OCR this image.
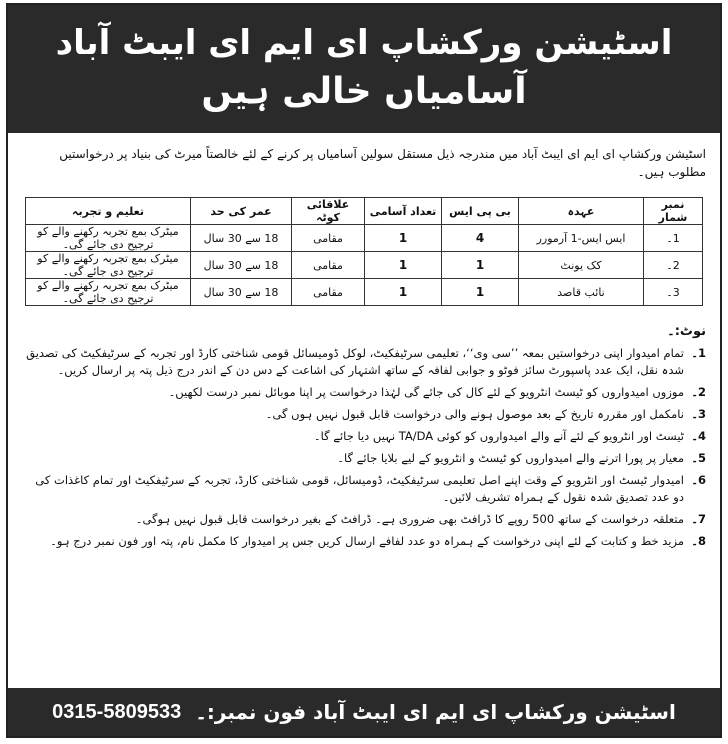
اسٹیشن ورکشاپ ای ایم ای ایبٹ آباد
آسامیاں خالی ہیں
اسٹیشن ورکشاپ ای ایم ای ایبٹ آباد میں مندرجہ ذیل مستقل سولین آسامیاں پر کرنے کے لئے خالصتاً میرٹ کی بنیاد پر درخواستیں مطلوب ہیں۔
نمبر شمار	عہدہ	بی پی ایس	تعداد آسامی	علاقائی کوٹہ	عمر کی حد	تعلیم و تجربہ
1۔	ایس ایس-1 آرمورر	4	1	مقامی	18 سے 30 سال	میٹرک بمع تجربہ رکھنے والے کو ترجیح دی جائے گی۔
2۔	کک یونٹ	1	1	مقامی	18 سے 30 سال	میٹرک بمع تجربہ رکھنے والے کو ترجیح دی جائے گی۔
3۔	نائب قاصد	1	1	مقامی	18 سے 30 سال	میٹرک بمع تجربہ رکھنے والے کو ترجیح دی جائے گی۔
نوٹ:۔
1۔
تمام امیدوار اپنی درخواستیں بمعہ ’’سی وی‘‘، تعلیمی سرٹیفکیٹ، لوکل ڈومیسائل قومی شناختی کارڈ اور تجربہ کے سرٹیفکیٹ کی تصدیق شدہ نقل، ایک عدد پاسپورٹ سائز فوٹو و جوابی لفافہ کے ساتھ اشتہار کی اشاعت کے دس دن کے اندر درج ذیل پتہ پر ارسال کریں۔
2۔
موزوں امیدواروں کو ٹیسٹ انٹرویو کے لئے کال کی جائے گی لہٰذا درخواست پر اپنا موبائل نمبر درست لکھیں۔
3۔
نامکمل اور مقررہ تاریخ کے بعد موصول ہونے والی درخواست قابل قبول نہیں ہوں گی۔
4۔
ٹیسٹ اور انٹرویو کے لئے آنے والے امیدواروں کو کوئی TA/DA نہیں دیا جائے گا۔
5۔
معیار پر پورا اترنے والے امیدواروں کو ٹیسٹ و انٹرویو کے لیے بلایا جائے گا۔
6۔
امیدوار ٹیسٹ اور انٹرویو کے وقت اپنے اصل تعلیمی سرٹیفکیٹ، ڈومیسائل، قومی شناختی کارڈ، تجربہ کے سرٹیفکیٹ اور تمام کاغذات کی دو عدد تصدیق شدہ نقول کے ہمراہ تشریف لائیں۔
7۔
متعلقہ درخواست کے ساتھ 500 روپے کا ڈرافٹ بھی ضروری ہے۔ ڈرافٹ کے بغیر درخواست قابل قبول نہیں ہوگی۔
8۔
مزید خط و کتابت کے لئے اپنی درخواست کے ہمراہ دو عدد لفافے ارسال کریں جس پر امیدوار کا مکمل نام، پتہ اور فون نمبر درج ہو۔
اسٹیشن ورکشاپ ای ایم ای ایبٹ آباد فون نمبر:۔
0315-5809533
